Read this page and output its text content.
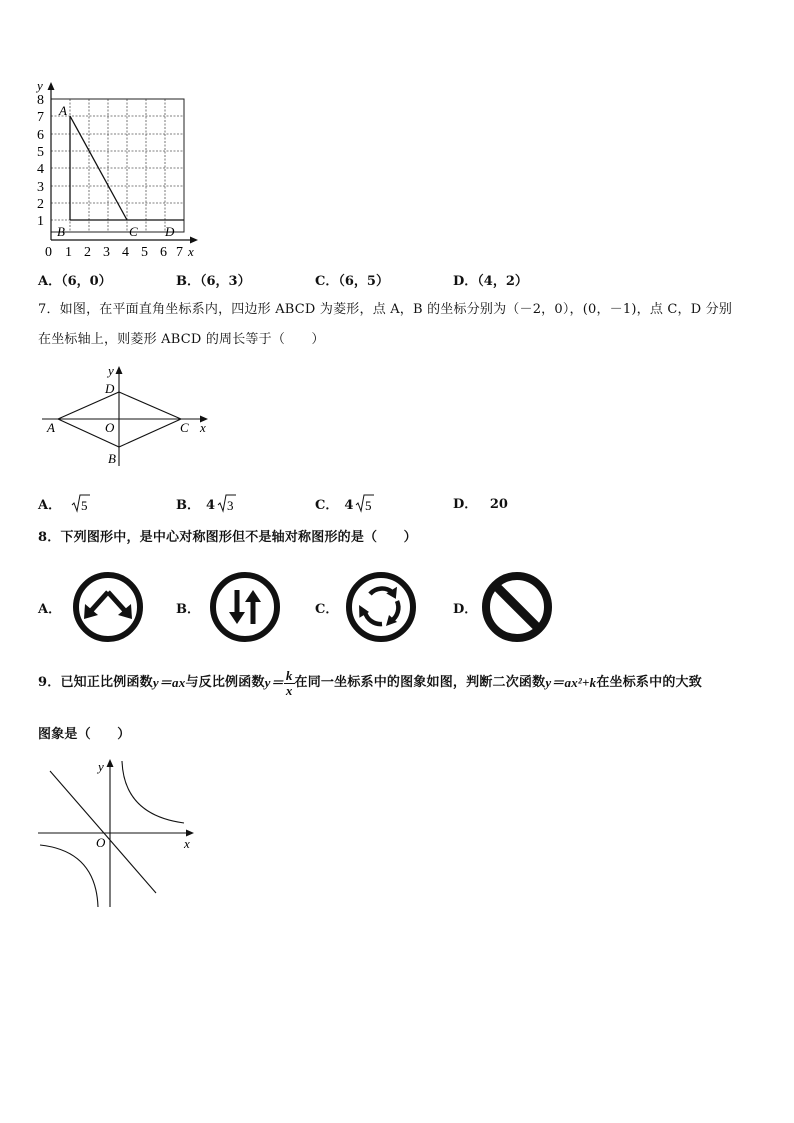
y
x
8
7
6
5
4
3
2
1
0 1 2 3 4 5 6 7
A
B	C D
A．（6，0）	B．（6，3）	C．（6，5）	D．（4，2）
7．如图，在平面直角坐标系内，四边形 ABCD 为菱形，点 A，B 的坐标分别为（－2，0），(0，－1)，点 C，D 分别
在坐标轴上，则菱形 ABCD 的周长等于（　　）
y
D
A	O	C x
B
A． 5	B． 4 3	C． 4 5	D． 20
8．下列图形中，是中心对称图形但不是轴对称图形的是（　　）
A．	B．	C．	D．
9．已知正比例函数 y＝ax 与反比例函数 $y= \frac{k}{x}$ 在同一坐标系中的图象如图，判断二次函数 y＝ax²+k 在坐标系中的大致
图象是（　　）
y
O	x
